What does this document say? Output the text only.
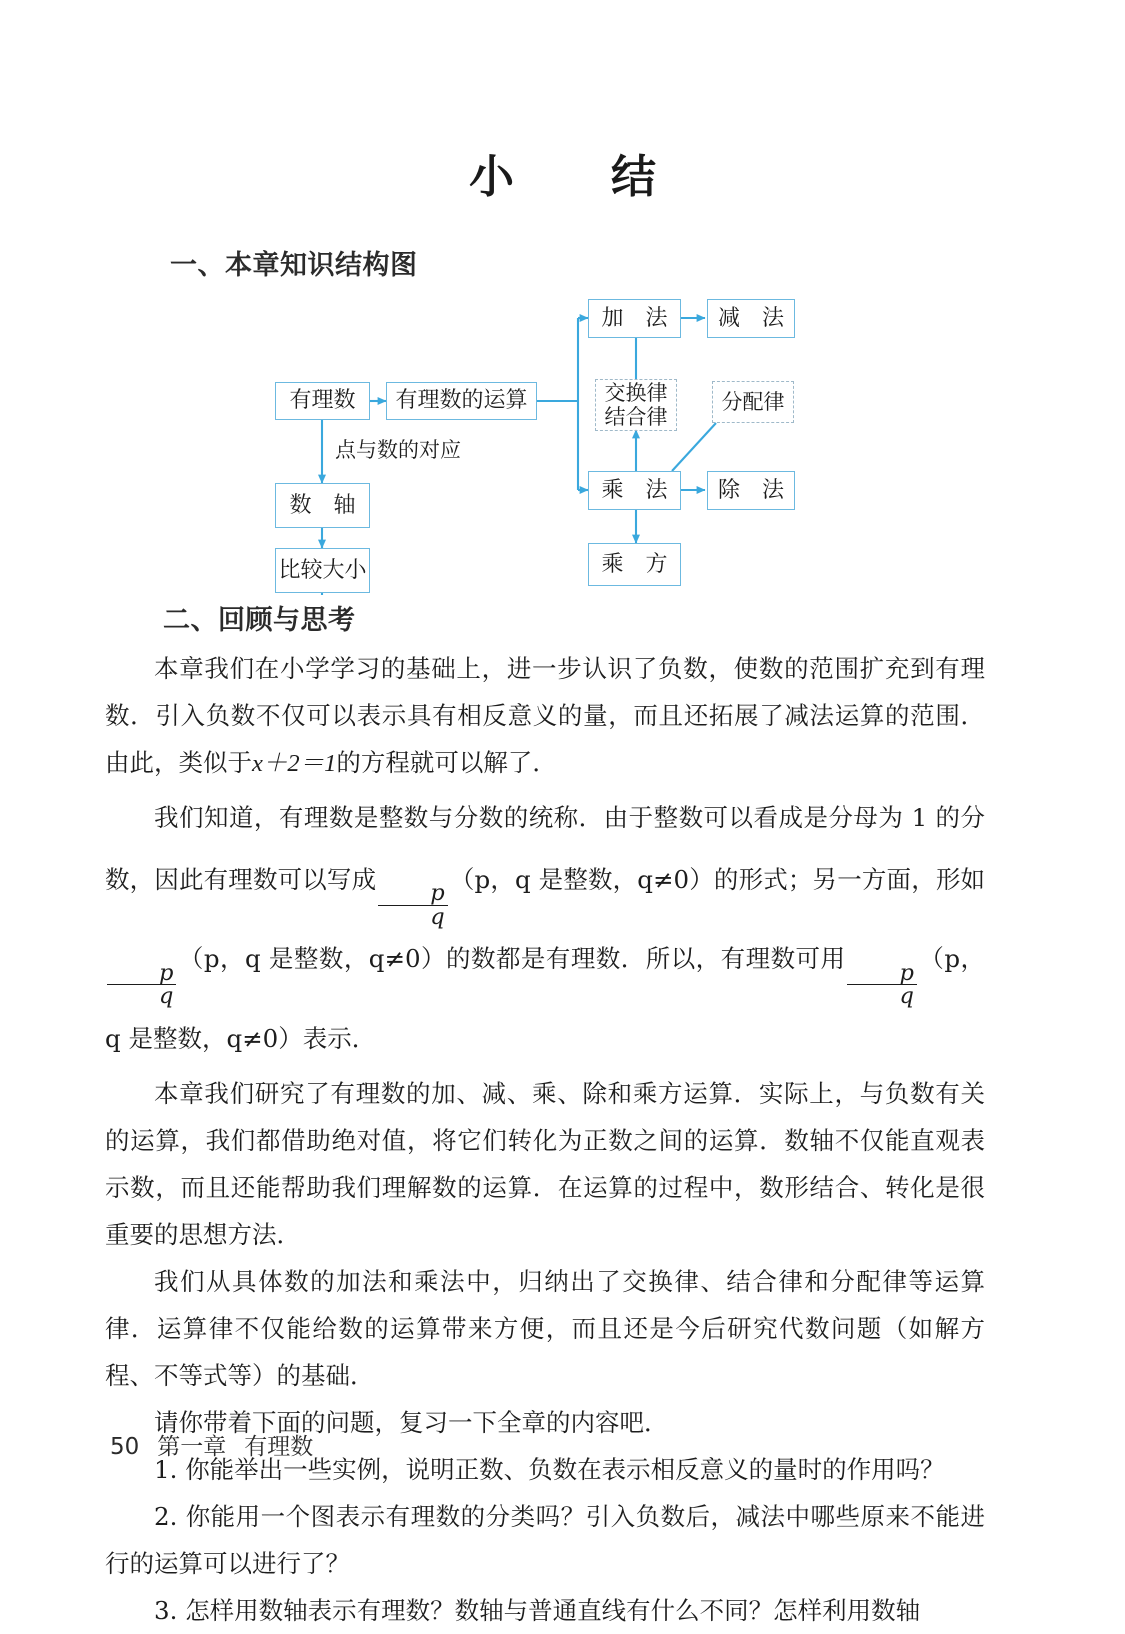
小　结
一、本章知识结构图
有理数 有理数的运算
数　轴
比较大小
加　法 减　法
乘　法 除　法
乘　方
交换律
结合律
分配律
点与数的对应
二、回顾与思考

本章我们在小学学习的基础上，进一步认识了负数，使数的范围扩充到有理数．引入负数不仅可以表示具有相反意义的量，而且还拓展了减法运算的范围．由此，类似于x＋2＝1的方程就可以解了．

我们知道，有理数是整数与分数的统称．由于整数可以看成是分母为 1 的分数，因此有理数可以写成
$\frac{p}{q}$
（p，q 是整数，q≠0）的形式；另一方面，形如
$\frac{p}{q}$
（p，q 是整数，q≠0）的数都是有理数．所以，有理数可用
$\frac{p}{q}$
（p，q 是整数，q≠0）表示．

本章我们研究了有理数的加、减、乘、除和乘方运算．实际上，与负数有关的运算，我们都借助绝对值，将它们转化为正数之间的运算．数轴不仅能直观表示数，而且还能帮助我们理解数的运算．在运算的过程中，数形结合、转化是很重要的思想方法．

我们从具体数的加法和乘法中，归纳出了交换律、结合律和分配律等运算律．运算律不仅能给数的运算带来方便，而且还是今后研究代数问题（如解方程、不等式等）的基础．

请你带着下面的问题，复习一下全章的内容吧．

1. 你能举出一些实例，说明正数、负数在表示相反意义的量时的作用吗？

2. 你能用一个图表示有理数的分类吗？引入负数后，减法中哪些原来不能进行的运算可以进行了？

3. 怎样用数轴表示有理数？数轴与普通直线有什么不同？怎样利用数轴

50 第一章 有理数
